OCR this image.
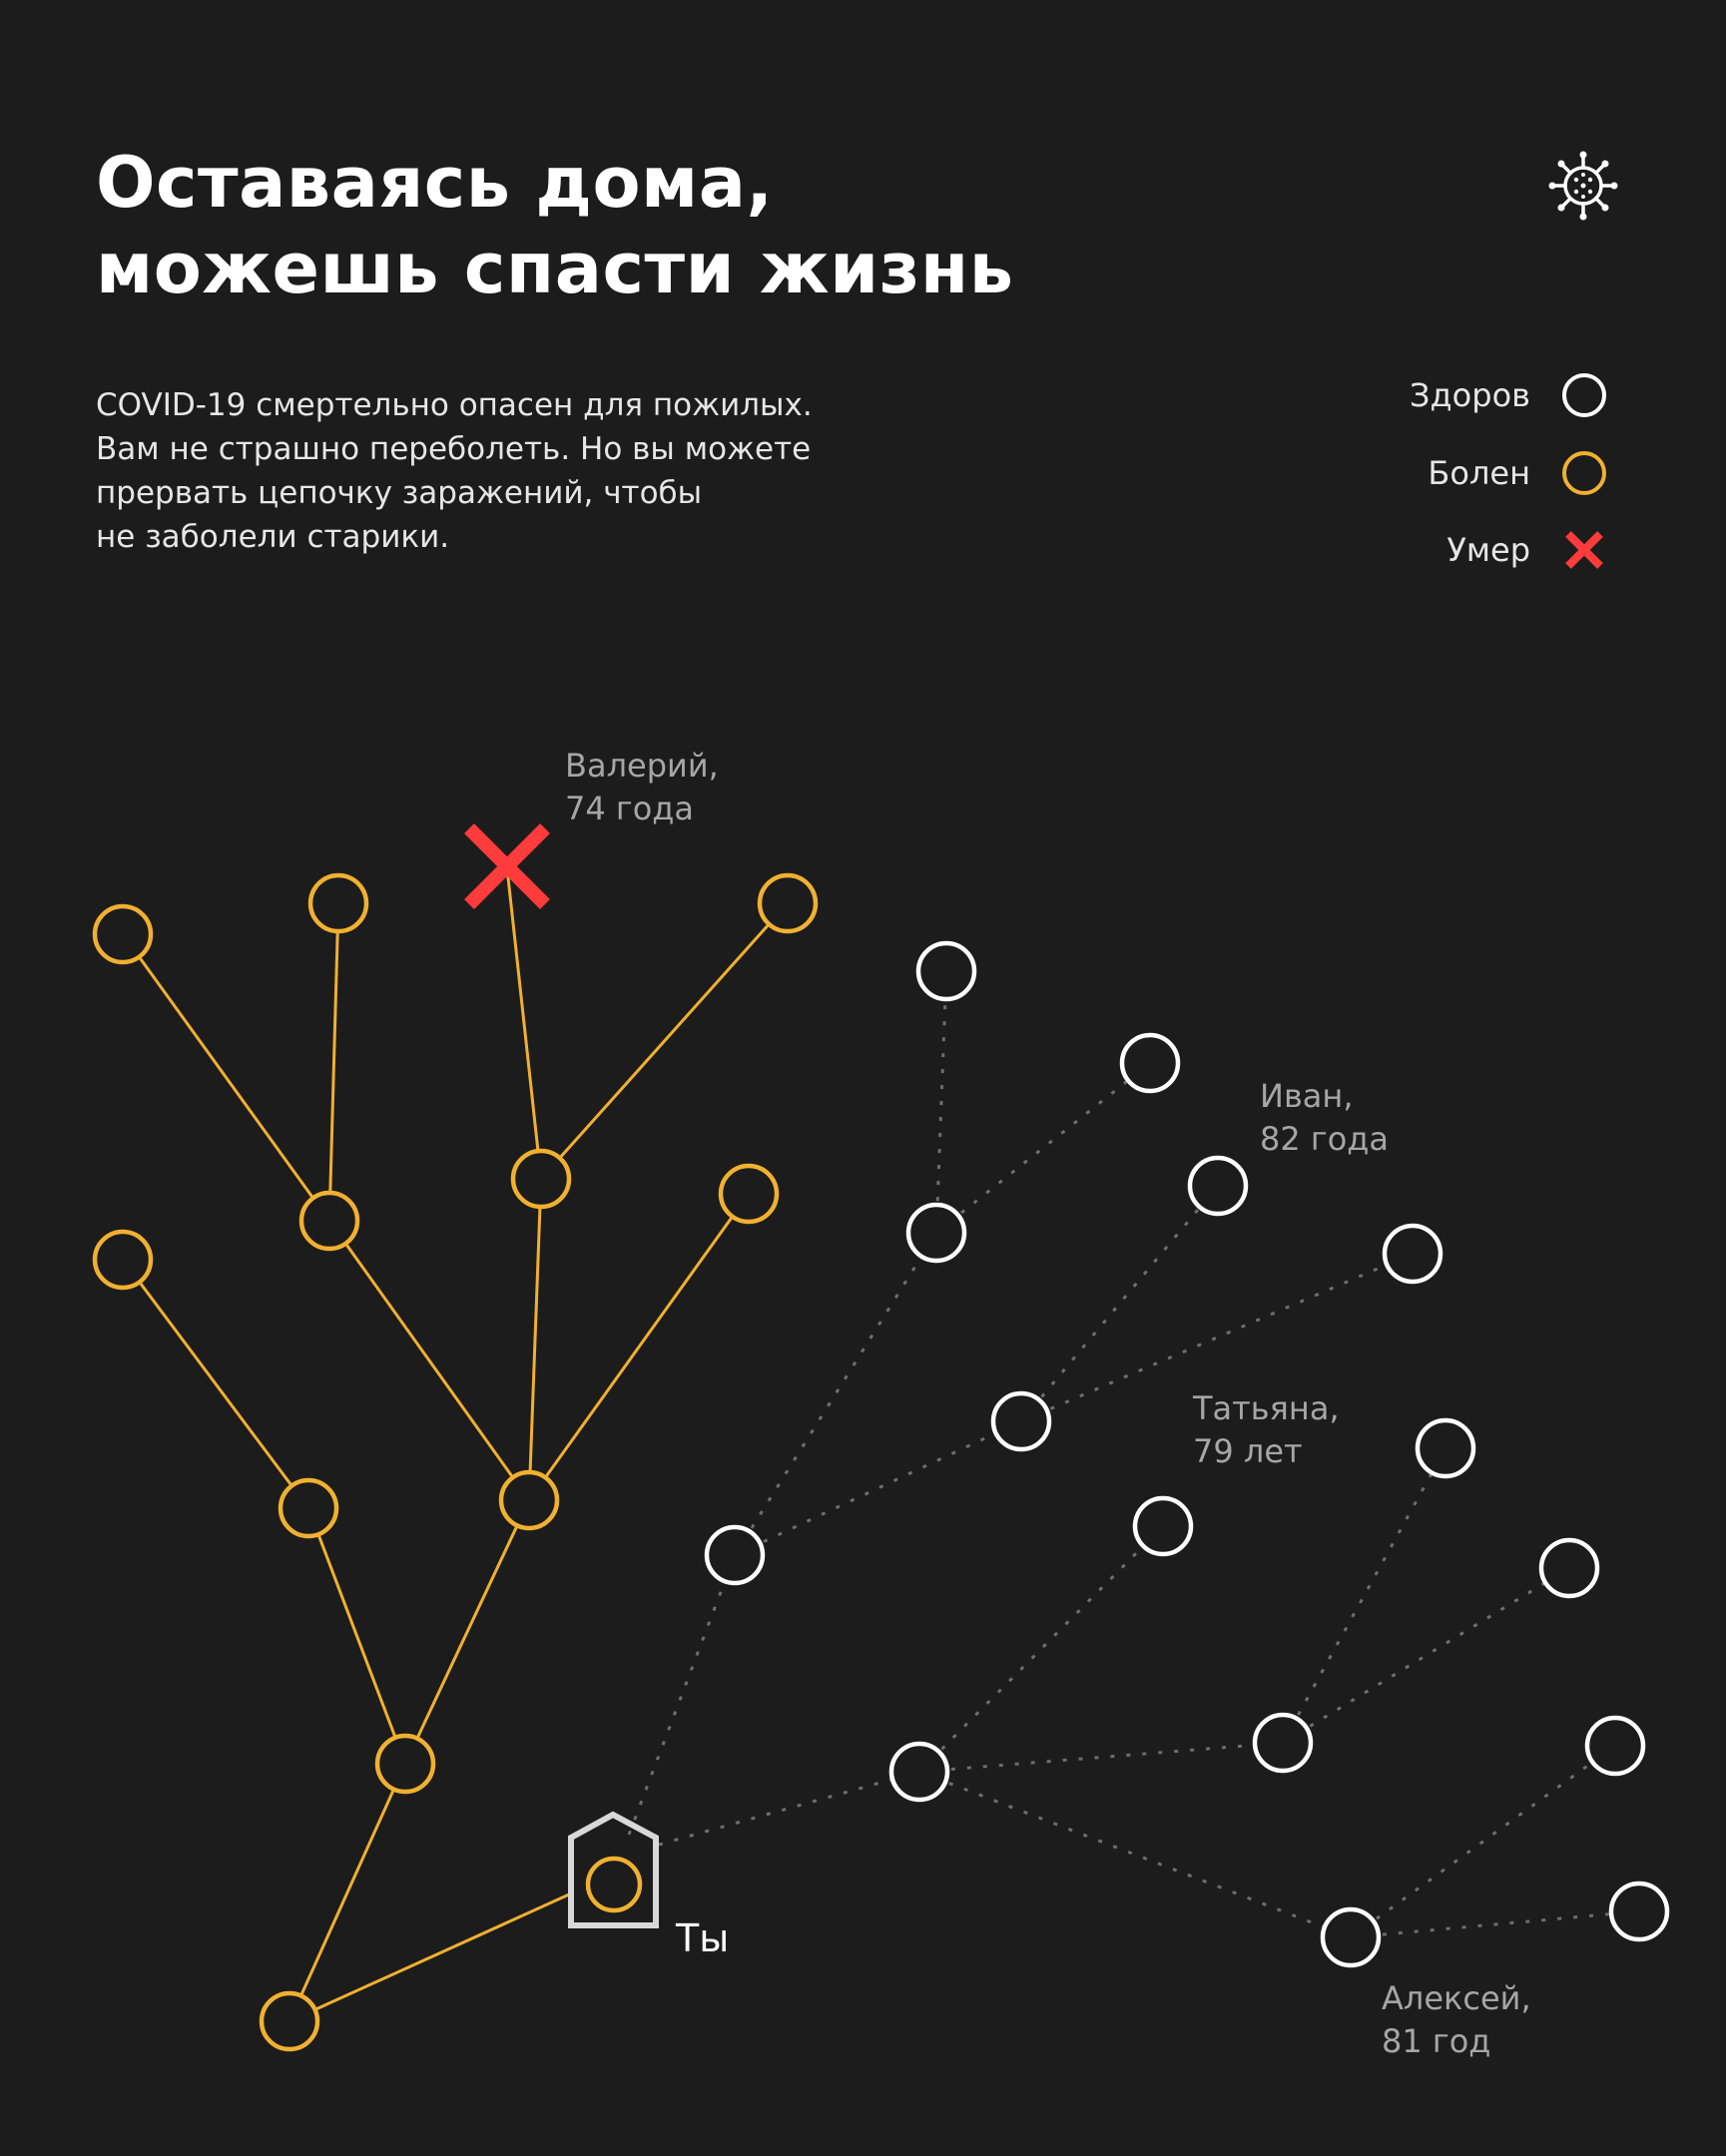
Оставаясь дома,
можешь спасти жизнь
COVID-19 смертельно опасен для пожилых.
Вам не страшно переболеть. Но вы можете
прервать цепочку заражений, чтобы
не заболели старики.
Здоров
Болен
Умер
Ты
Валерий,
74 года
Иван,
82 года
Татьяна,
79 лет
Алексей,
81 год
